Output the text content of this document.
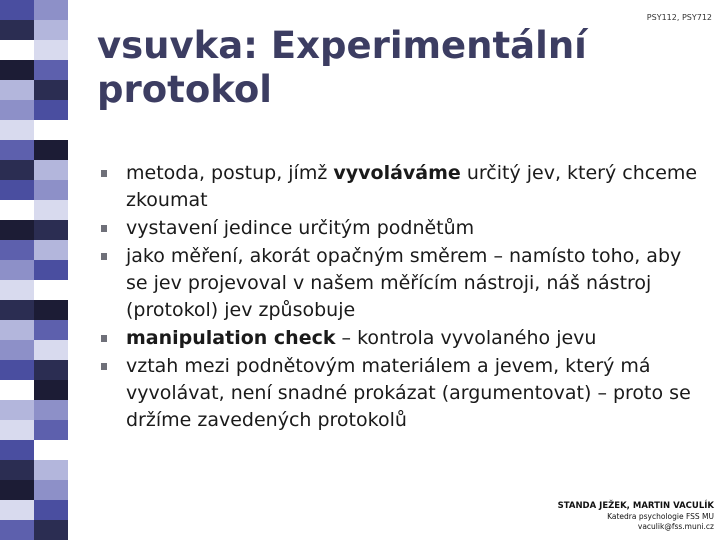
PSY112, PSY712
vsuvka: Experimentální
protokol
metoda, postup, jímž vyvoláváme určitý jev, který chceme zkoumat
vystavení jedince určitým podnětům
jako měření, akorát opačným směrem – namísto toho, aby se jev projevoval v našem měřícím nástroji, náš nástroj (protokol) jev způsobuje
manipulation check – kontrola vyvolaného jevu
vztah mezi podnětovým materiálem a jevem, který má vyvolávat, není snadné prokázat (argumentovat) – proto se držíme zavedených protokolů
STANDA JEŽEK, MARTIN VACULÍK
Katedra psychologie FSS MU
vaculik@fss.muni.cz
